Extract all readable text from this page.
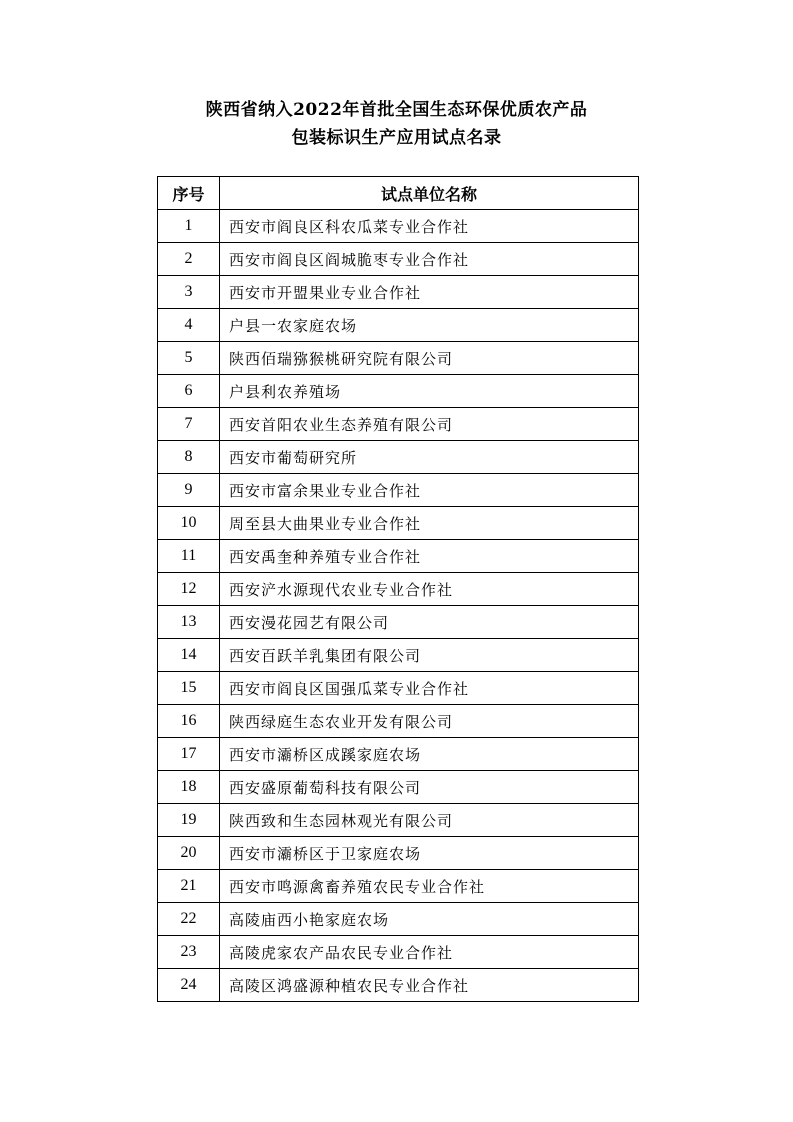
陕西省纳入2022年首批全国生态环保优质农产品
包装标识生产应用试点名录
序号	试点单位名称
1	西安市阎良区科农瓜菜专业合作社
2	西安市阎良区阎城脆枣专业合作社
3	西安市开盟果业专业合作社
4	户县一农家庭农场
5	陕西佰瑞猕猴桃研究院有限公司
6	户县利农养殖场
7	西安首阳农业生态养殖有限公司
8	西安市葡萄研究所
9	西安市富余果业专业合作社
10	周至县大曲果业专业合作社
11	西安禹奎种养殖专业合作社
12	西安浐水源现代农业专业合作社
13	西安漫花园艺有限公司
14	西安百跃羊乳集团有限公司
15	西安市阎良区国强瓜菜专业合作社
16	陕西绿庭生态农业开发有限公司
17	西安市灞桥区成蹊家庭农场
18	西安盛原葡萄科技有限公司
19	陕西致和生态园林观光有限公司
20	西安市灞桥区于卫家庭农场
21	西安市鸣源禽畜养殖农民专业合作社
22	高陵庙西小艳家庭农场
23	高陵虎家农产品农民专业合作社
24	高陵区鸿盛源种植农民专业合作社
